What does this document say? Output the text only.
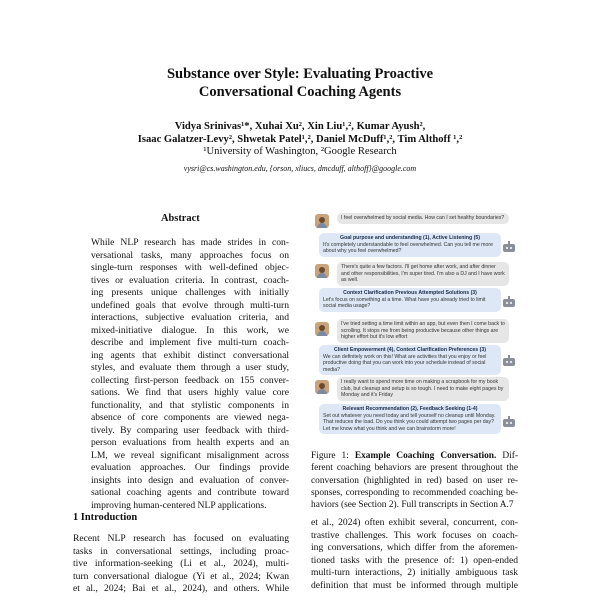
Substance over Style: Evaluating Proactive
Conversational Coaching Agents
Vidya Srinivas¹*, Xuhai Xu², Xin Liu¹,², Kumar Ayush²,
Isaac Galatzer-Levy², Shwetak Patel¹,², Daniel McDuff¹,², Tim Althoff ¹,²
¹University of Washington, ²Google Research
vysri@cs.washington.edu, {orson, xliucs, dmcduff, althoff}@google.com
Abstract
While NLP research has made strides in con-
versational tasks, many approaches focus on
single-turn responses with well-defined objec-
tives or evaluation criteria. In contrast, coach-
ing presents unique challenges with initially
undefined goals that evolve through multi-turn
interactions, subjective evaluation criteria, and
mixed-initiative dialogue. In this work, we
describe and implement five multi-turn coach-
ing agents that exhibit distinct conversational
styles, and evaluate them through a user study,
collecting first-person feedback on 155 conver-
sations. We find that users highly value core
functionality, and that stylistic components in
absence of core components are viewed nega-
tively. By comparing user feedback with third-
person evaluations from health experts and an
LM, we reveal significant misalignment across
evaluation approaches. Our findings provide
insights into design and evaluation of conver-
sational coaching agents and contribute toward
improving human-centered NLP applications.
1 Introduction
Recent NLP research has focused on evaluating
tasks in conversational settings, including proac-
tive information-seeking (Li et al., 2024), multi-
turn conversational dialogue (Yi et al., 2024; Kwan
et al., 2024; Bai et al., 2024), and others. While
I feel overwhelmed by social media. How can I set healthy boundaries?
Goal purpose and understanding (1), Active Listening (5)
It's completely understandable to feel overwhelmed. Can you tell me more about why you feel overwhelmed?
There's quite a few factors. I'll get home after work, and after dinner and other responsibilities, I'm super tired. I'm also a DJ and I have work as well.
Context Clarification Previous Attempted Solutions (3)
Let's focus on something at a time. What have you already tried to limit social media usage?
I've tried setting a time limit within an app, but even then I come back to scrolling. It stops me from being productive because other things are higher effort but it's low effort
Client Empowerment (4), Context Clarification Preferences (3)
We can definitely work on this! What are activities that you enjoy or feel productive doing that you can work into your schedule instead of social media?
I really want to spend more time on making a scrapbook for my book club, but cleanup and setup is so tough. I need to make eight pages by Monday and it's Friday
Relevant Recommendation (2), Feedback Seeking (1-4)
Set out whatever you need today and tell yourself no cleanup until Monday. That reduces the load. Do you think you could attempt two pages per day? Let me know what you think and we can brainstorm more!
Figure 1: Example Coaching Conversation. Dif-
ferent coaching behaviors are present throughout the
conversation (highlighted in red) based on user re-
sponses, corresponding to recommended coaching be-
haviors (see Section 2). Full transcripts in Section A.7
et al., 2024) often exhibit several, concurrent, con-
trastive challenges. This work focuses on coach-
ing conversations, which differ from the aforemen-
tioned tasks with the presence of: 1) open-ended
multi-turn interactions, 2) initially ambiguous task
definition that must be informed through multiple
